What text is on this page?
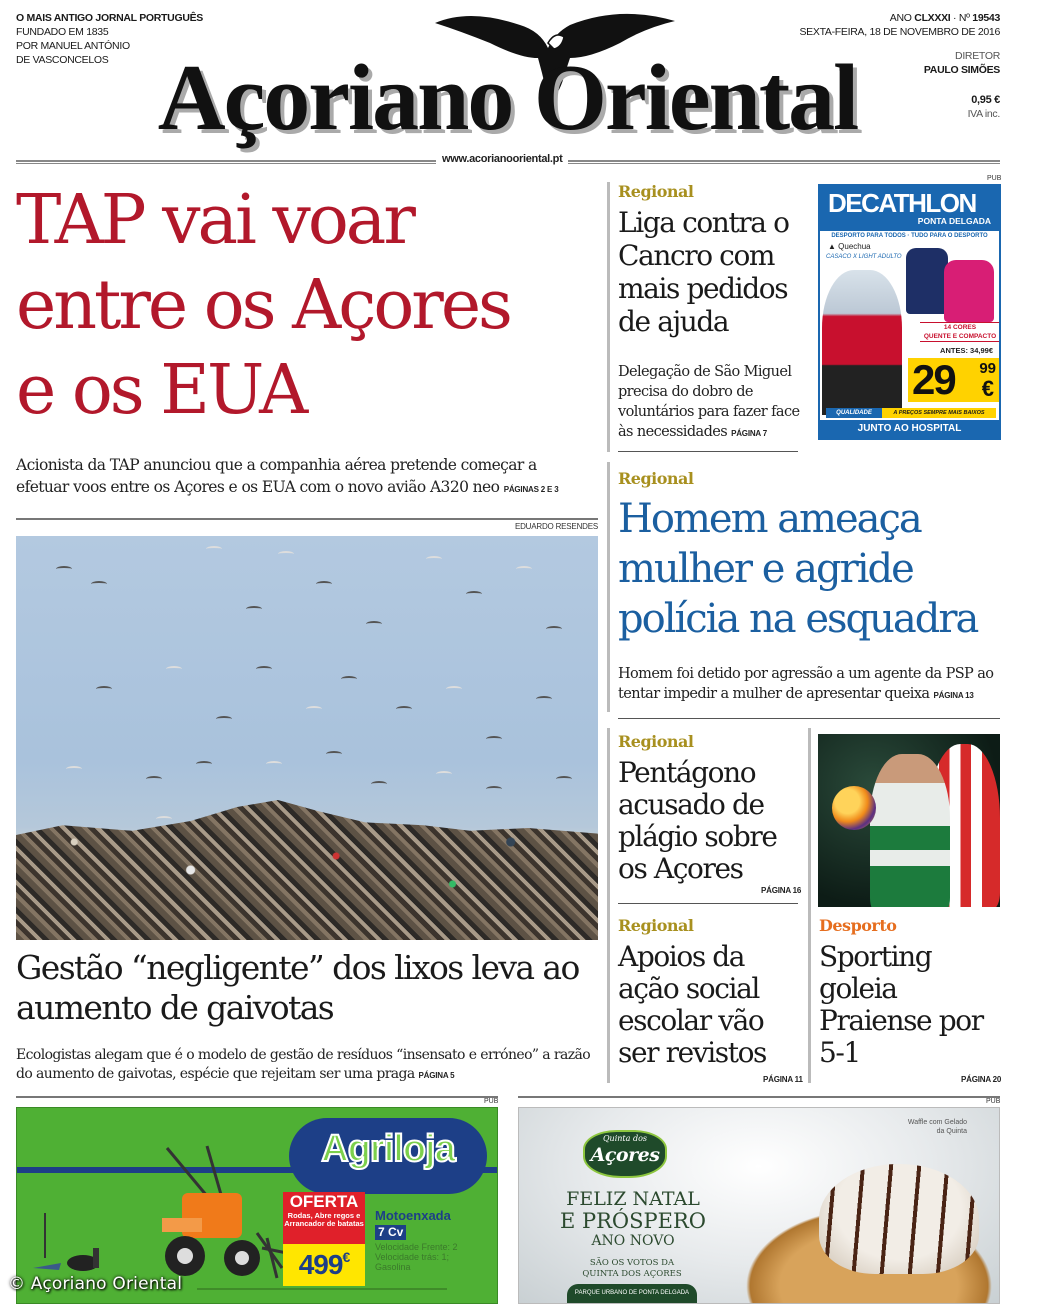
O MAIS ANTIGO JORNAL PORTUGUÊS
FUNDADO EM 1835
POR MANUEL ANTÓNIO
DE VASCONCELOS Açoriano Oriental
ANO CLXXXI · Nº 19543
SEXTA-FEIRA, 18 DE NOVEMBRO DE 2016
DIRETOR
PAULO SIMÕES
0,95 €
IVA inc.
www.acorianooriental.pt
TAP vai voar
entre os Açores
e os EUA
Acionista da TAP anunciou que a companhia aérea pretende começar a efetuar voos entre os Açores e os EUA com o novo avião A320 neo PÁGINAS 2 E 3
EDUARDO RESENDES
Gestão “negligente” dos lixos leva ao aumento de gaivotas
Ecologistas alegam que é o modelo de gestão de resíduos “insensato e erróneo” a razão do aumento de gaivotas, espécie que rejeitam ser uma praga PÁGINA 5
Regional
Liga contra o Cancro com mais pedidos de ajuda
Delegação de São Miguel precisa do dobro de voluntários para fazer face às necessidades PÁGINA 7
PUB
DECATHLON
PONTA DELGADA
DESPORTO PARA TODOS · TUDO PARA O DESPORTO
▲ Quechua
CASACO X LIGHT ADULTO
14 CORES
QUENTE E COMPACTO
ANTES: 34,99€
29 99
€
QUALIDADE	A PREÇOS SEMPRE MAIS BAIXOS
JUNTO AO HOSPITAL
Regional
Homem ameaça mulher e agride polícia na esquadra
Homem foi detido por agressão a um agente da PSP ao tentar impedir a mulher de apresentar queixa PÁGINA 13
Regional
Pentágono acusado de plágio sobre os Açores
PÁGINA 16
Regional
Apoios da ação social escolar vão ser revistos
PÁGINA 11
Desporto
Sporting goleia Praiense por 5-1
PÁGINA 20
PUB
Agriloja
OFERTA
Rodas, Abre regos e Arrancador de batatas
499€
Motoenxada
7 Cv
Velocidade Frente: 2
Velocidade trás: 1;
Gasolina
PUB
Quinta dos
Açores
FELIZ NATAL
E PRÓSPERO
ANO NOVO
SÃO OS VOTOS DA
QUINTA DOS AÇORES
PARQUE URBANO DE PONTA DELGADA
Waffle com Gelado
da Quinta
© Açoriano Oriental
